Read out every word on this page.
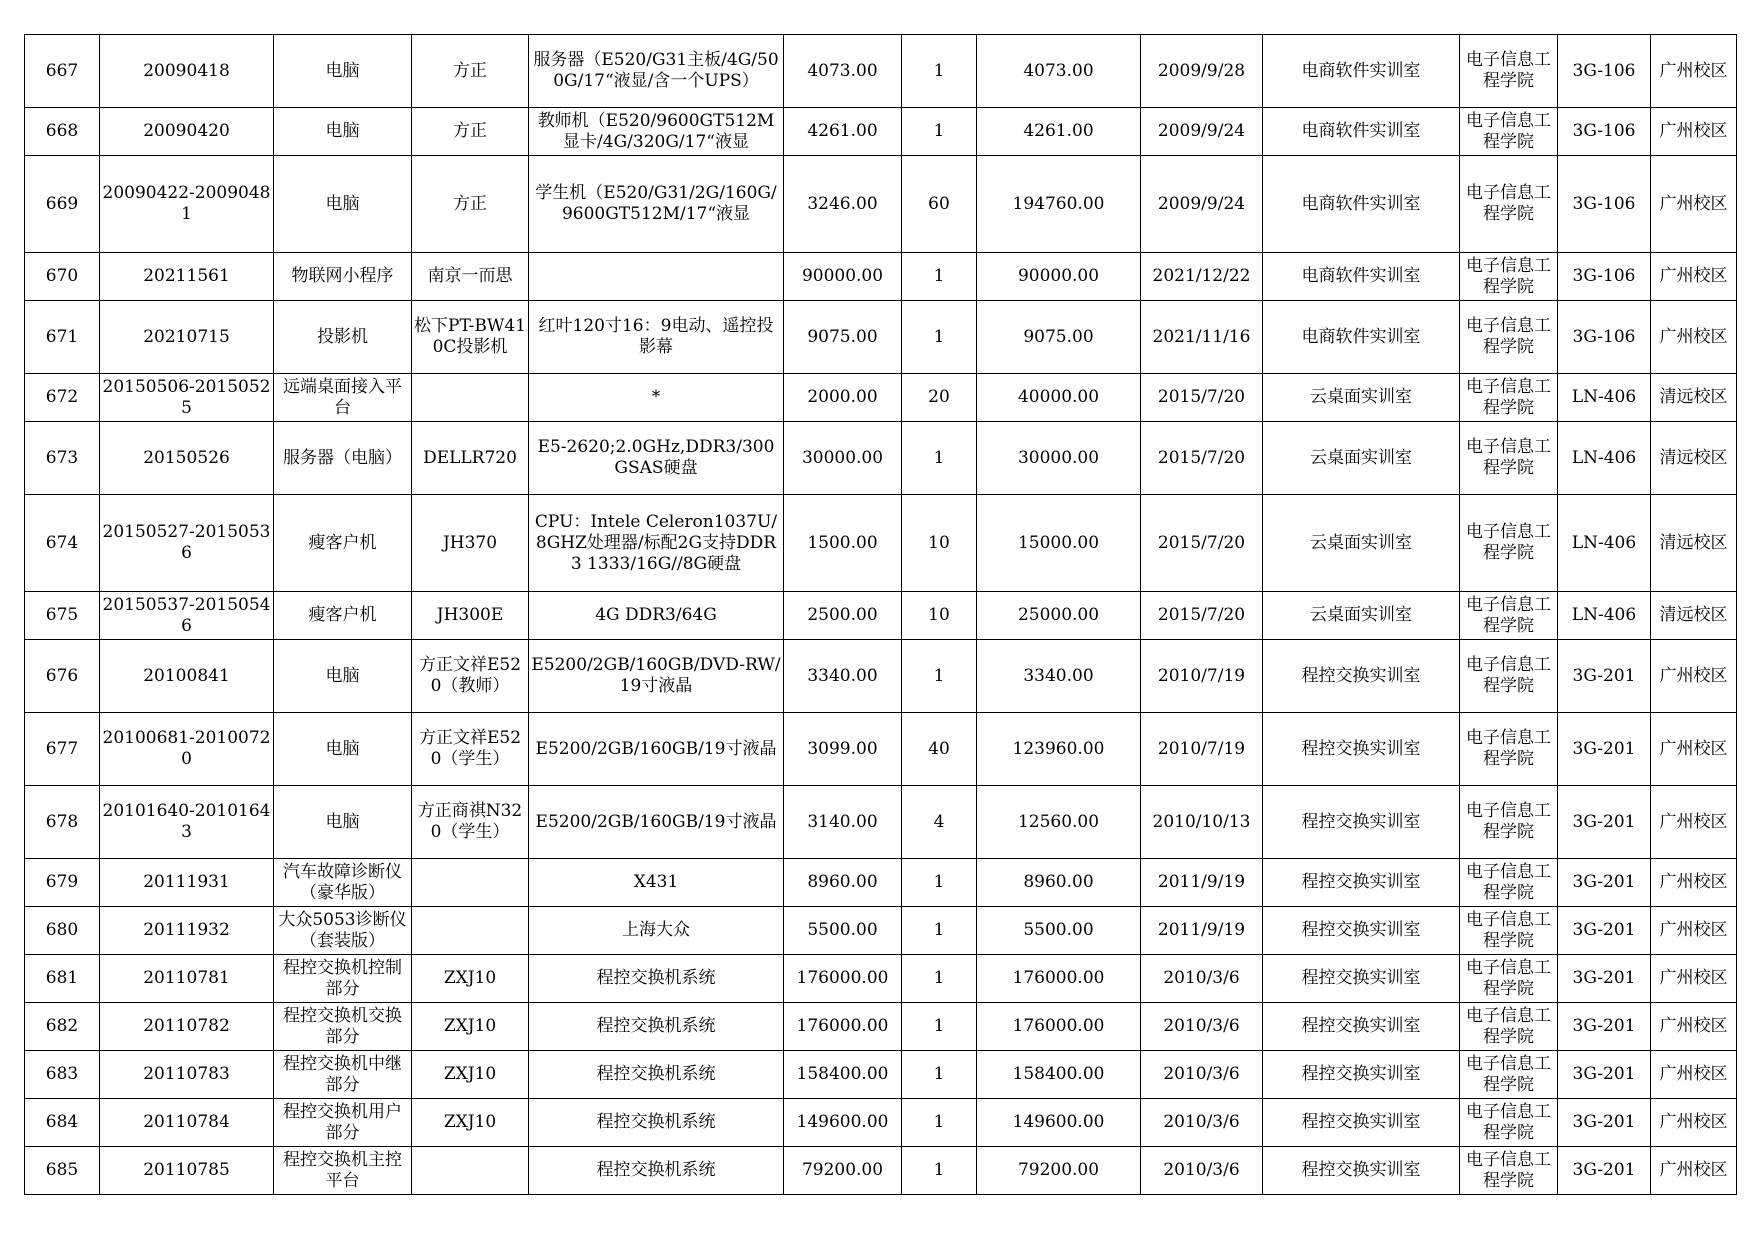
667	20090418	电脑	方正	服务器（E520/G31主板/4G/500G/17“液显/含一个UPS）	4073.00	1	4073.00	2009/9/28	电商软件实训室	电子信息工程学院	3G-106	广州校区
668	20090420	电脑	方正	教师机（E520/9600GT512M显卡/4G/320G/17“液显	4261.00	1	4261.00	2009/9/24	电商软件实训室	电子信息工程学院	3G-106	广州校区
669	20090422-20090481	电脑	方正	学生机（E520/G31/2G/160G/9600GT512M/17“液显	3246.00	60	194760.00	2009/9/24	电商软件实训室	电子信息工程学院	3G-106	广州校区
670	20211561	物联网小程序	南京一而思		90000.00	1	90000.00	2021/12/22	电商软件实训室	电子信息工程学院	3G-106	广州校区
671	20210715	投影机	松下PT-BW410C投影机	红叶120寸16：9电动、遥控投影幕	9075.00	1	9075.00	2021/11/16	电商软件实训室	电子信息工程学院	3G-106	广州校区
672	20150506-20150525	远端桌面接入平台		*	2000.00	20	40000.00	2015/7/20	云桌面实训室	电子信息工程学院	LN-406	清远校区
673	20150526	服务器（电脑）	DELLR720	E5-2620;2.0GHz,DDR3/300GSAS硬盘	30000.00	1	30000.00	2015/7/20	云桌面实训室	电子信息工程学院	LN-406	清远校区
674	20150527-20150536	瘦客户机	JH370	CPU：Intele Celeron1037U/8GHZ处理器/标配2G支持DDR3 1333/16G//8G硬盘	1500.00	10	15000.00	2015/7/20	云桌面实训室	电子信息工程学院	LN-406	清远校区
675	20150537-20150546	瘦客户机	JH300E	4G DDR3/64G	2500.00	10	25000.00	2015/7/20	云桌面实训室	电子信息工程学院	LN-406	清远校区
676	20100841	电脑	方正文祥E520（教师）	E5200/2GB/160GB/DVD-RW/19寸液晶	3340.00	1	3340.00	2010/7/19	程控交换实训室	电子信息工程学院	3G-201	广州校区
677	20100681-20100720	电脑	方正文祥E520（学生）	E5200/2GB/160GB/19寸液晶	3099.00	40	123960.00	2010/7/19	程控交换实训室	电子信息工程学院	3G-201	广州校区
678	20101640-20101643	电脑	方正商祺N320（学生）	E5200/2GB/160GB/19寸液晶	3140.00	4	12560.00	2010/10/13	程控交换实训室	电子信息工程学院	3G-201	广州校区
679	20111931	汽车故障诊断仪（豪华版）		X431	8960.00	1	8960.00	2011/9/19	程控交换实训室	电子信息工程学院	3G-201	广州校区
680	20111932	大众5053诊断仪（套装版）		上海大众	5500.00	1	5500.00	2011/9/19	程控交换实训室	电子信息工程学院	3G-201	广州校区
681	20110781	程控交换机控制部分	ZXJ10	程控交换机系统	176000.00	1	176000.00	2010/3/6	程控交换实训室	电子信息工程学院	3G-201	广州校区
682	20110782	程控交换机交换部分	ZXJ10	程控交换机系统	176000.00	1	176000.00	2010/3/6	程控交换实训室	电子信息工程学院	3G-201	广州校区
683	20110783	程控交换机中继部分	ZXJ10	程控交换机系统	158400.00	1	158400.00	2010/3/6	程控交换实训室	电子信息工程学院	3G-201	广州校区
684	20110784	程控交换机用户部分	ZXJ10	程控交换机系统	149600.00	1	149600.00	2010/3/6	程控交换实训室	电子信息工程学院	3G-201	广州校区
685	20110785	程控交换机主控平台		程控交换机系统	79200.00	1	79200.00	2010/3/6	程控交换实训室	电子信息工程学院	3G-201	广州校区
